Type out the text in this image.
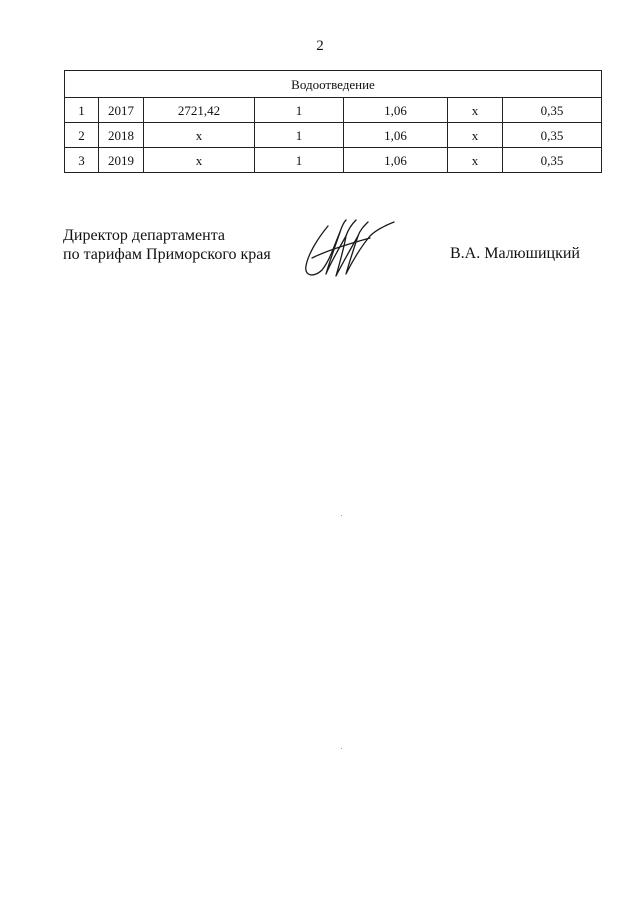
2
Водоотведение						
1	2017	2721,42	1	1,06	х	0,35
2	2018	х	1	1,06	х	0,35
3	2019	х	1	1,06	х	0,35
Директор департамента
по тарифам Приморского края	В.А. Малюшицкий
